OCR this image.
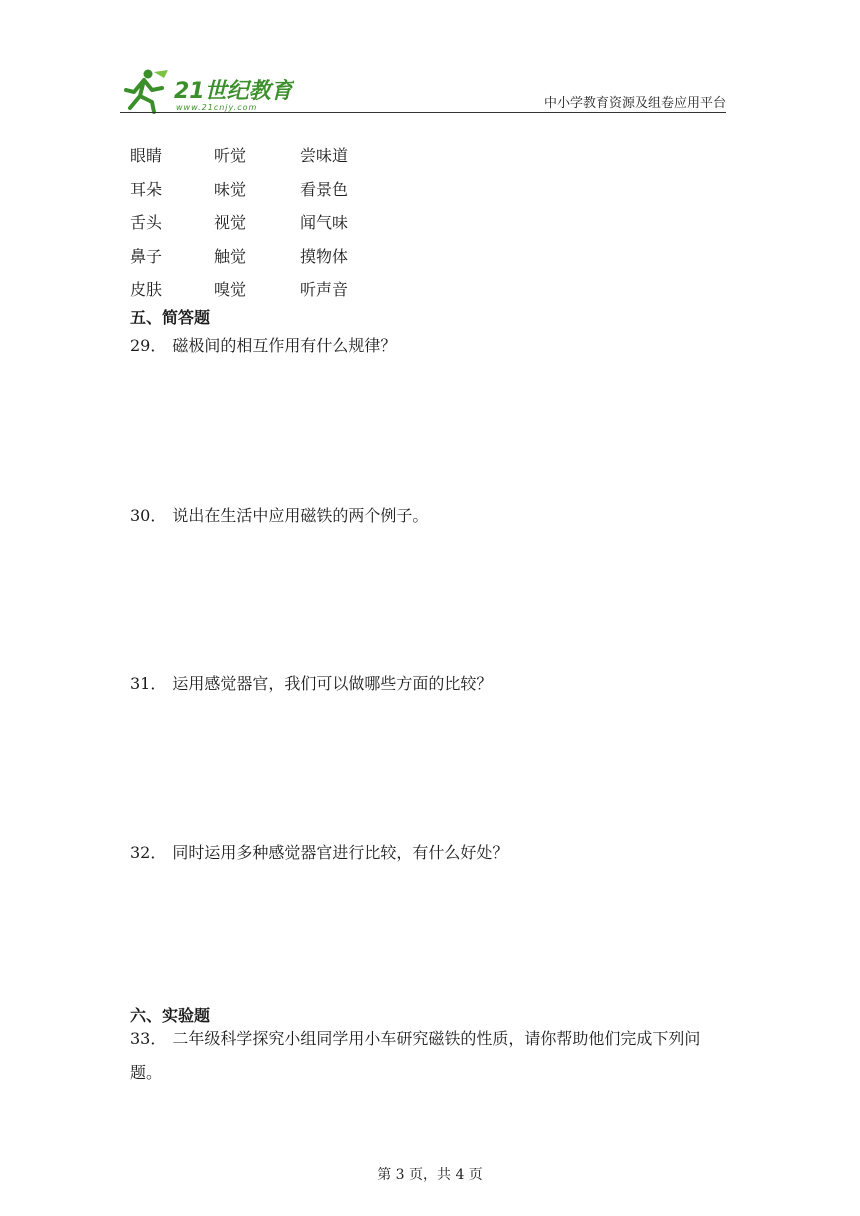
21世纪教育
www.21cnjy.com	中小学教育资源及组卷应用平台
眼睛	听觉	尝味道
耳朵	味觉	看景色
舌头	视觉	闻气味
鼻子	触觉	摸物体
皮肤	嗅觉	听声音
五、简答题
29． 磁极间的相互作用有什么规律？
30． 说出在生活中应用磁铁的两个例子。
31． 运用感觉器官，我们可以做哪些方面的比较？
32． 同时运用多种感觉器官进行比较，有什么好处？
六、实验题
33． 二年级科学探究小组同学用小车研究磁铁的性质，请你帮助他们完成下列问题。
第 3 页，共 4 页
